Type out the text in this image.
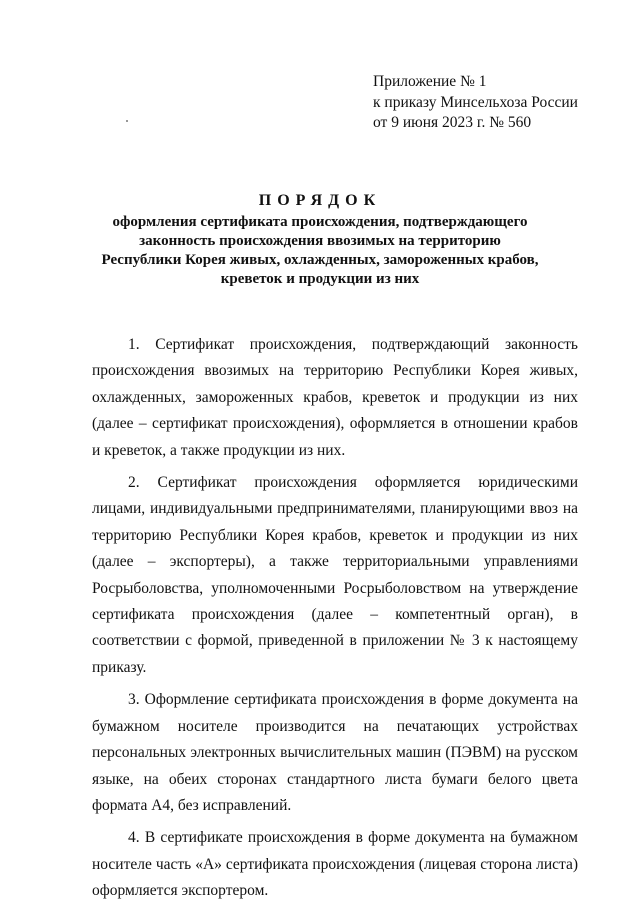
Приложение № 1
к приказу Минсельхоза России
от 9 июня 2023 г. № 560
ПОРЯДОК
оформления сертификата происхождения, подтверждающего
законность происхождения ввозимых на территорию
Республики Корея живых, охлажденных, замороженных крабов,
креветок и продукции из них

1. Сертификат происхождения, подтверждающий законность происхождения ввозимых на территорию Республики Корея живых, охлажденных, замороженных крабов, креветок и продукции из них (далее – сертификат происхождения), оформляется в отношении крабов и креветок, а также продукции из них.

2. Сертификат происхождения оформляется юридическими лицами, индивидуальными предпринимателями, планирующими ввоз на территорию Республики Корея крабов, креветок и продукции из них (далее – экспортеры), а также территориальными управлениями Росрыболовства, уполномоченными Росрыболовством на утверждение сертификата происхождения (далее – компетентный орган), в соответствии с формой, приведенной в приложении № 3 к настоящему приказу.

3. Оформление сертификата происхождения в форме документа на бумажном носителе производится на печатающих устройствах персональных электронных вычислительных машин (ПЭВМ) на русском языке, на обеих сторонах стандартного листа бумаги белого цвета формата А4, без исправлений.

4. В сертификате происхождения в форме документа на бумажном носителе часть «А» сертификата происхождения (лицевая сторона листа) оформляется экспортером.
